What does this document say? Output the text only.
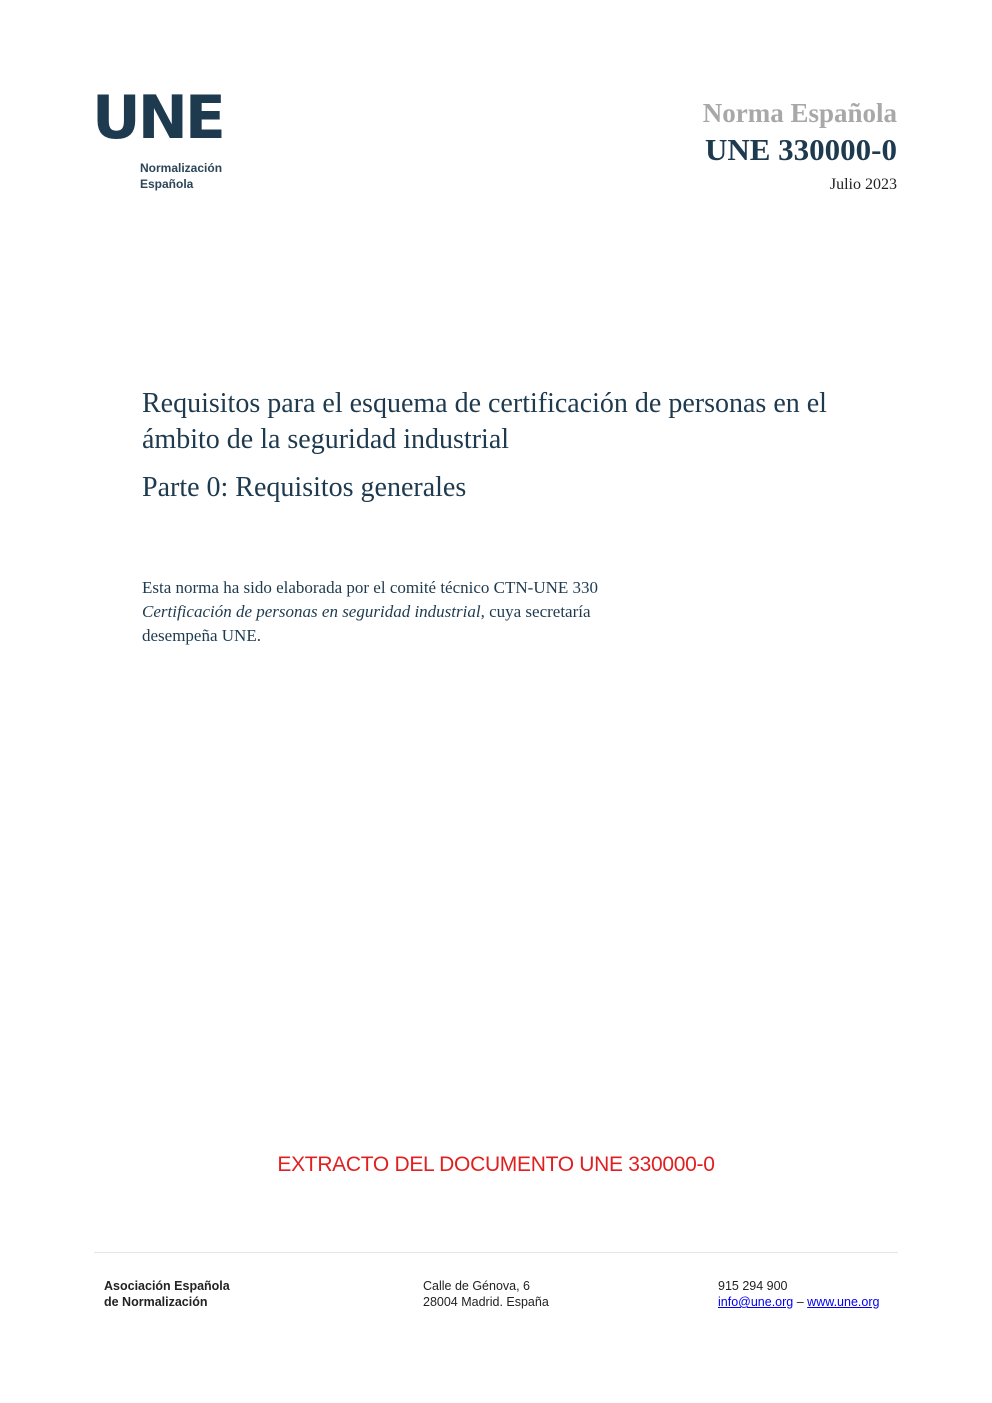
UNE
Normalización
Española
Norma Española
UNE 330000-0
Julio 2023
Requisitos para el esquema de certificación de personas en el ámbito de la seguridad industrial
Parte 0: Requisitos generales
Esta norma ha sido elaborada por el comité técnico CTN-UNE 330 Certificación de personas en seguridad industrial, cuya secretaría desempeña UNE.
EXTRACTO DEL DOCUMENTO UNE 330000-0
Asociación Española
de Normalización
Calle de Génova, 6
28004 Madrid. España
915 294 900
info@une.org – www.une.org
